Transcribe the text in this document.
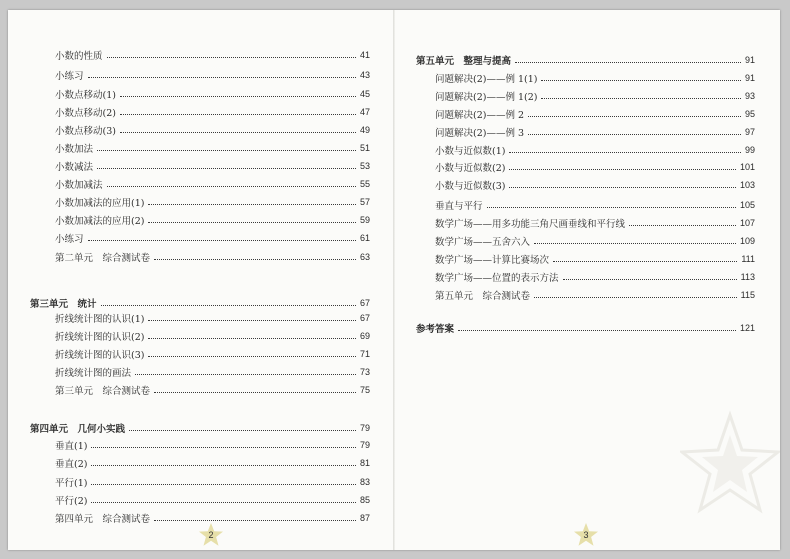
小数的性质	41
小练习	43
小数点移动(1)	45
小数点移动(2)	47
小数点移动(3)	49
小数加法	51
小数减法	53
小数加减法	55
小数加减法的应用(1)	57
小数加减法的应用(2)	59
小练习	61
第二单元　综合测试卷	63
第三单元　统计	67
折线统计图的认识(1)	67
折线统计图的认识(2)	69
折线统计图的认识(3)	71
折线统计图的画法	73
第三单元　综合测试卷	75
第四单元　几何小实践	79
垂直(1)	79
垂直(2)	81
平行(1)	83
平行(2)	85
第四单元　综合测试卷	87
2
第五单元　整理与提高	91
问题解决(2)——例 1(1)	91
问题解决(2)——例 1(2)	93
问题解决(2)——例 2	95
问题解决(2)——例 3	97
小数与近似数(1)	99
小数与近似数(2)	101
小数与近似数(3)	103
垂直与平行	105
数学广场——用多功能三角尺画垂线和平行线	107
数学广场——五舍六入	109
数学广场——计算比赛场次	111
数学广场——位置的表示方法	113
第五单元　综合测试卷	115
参考答案	121
3
